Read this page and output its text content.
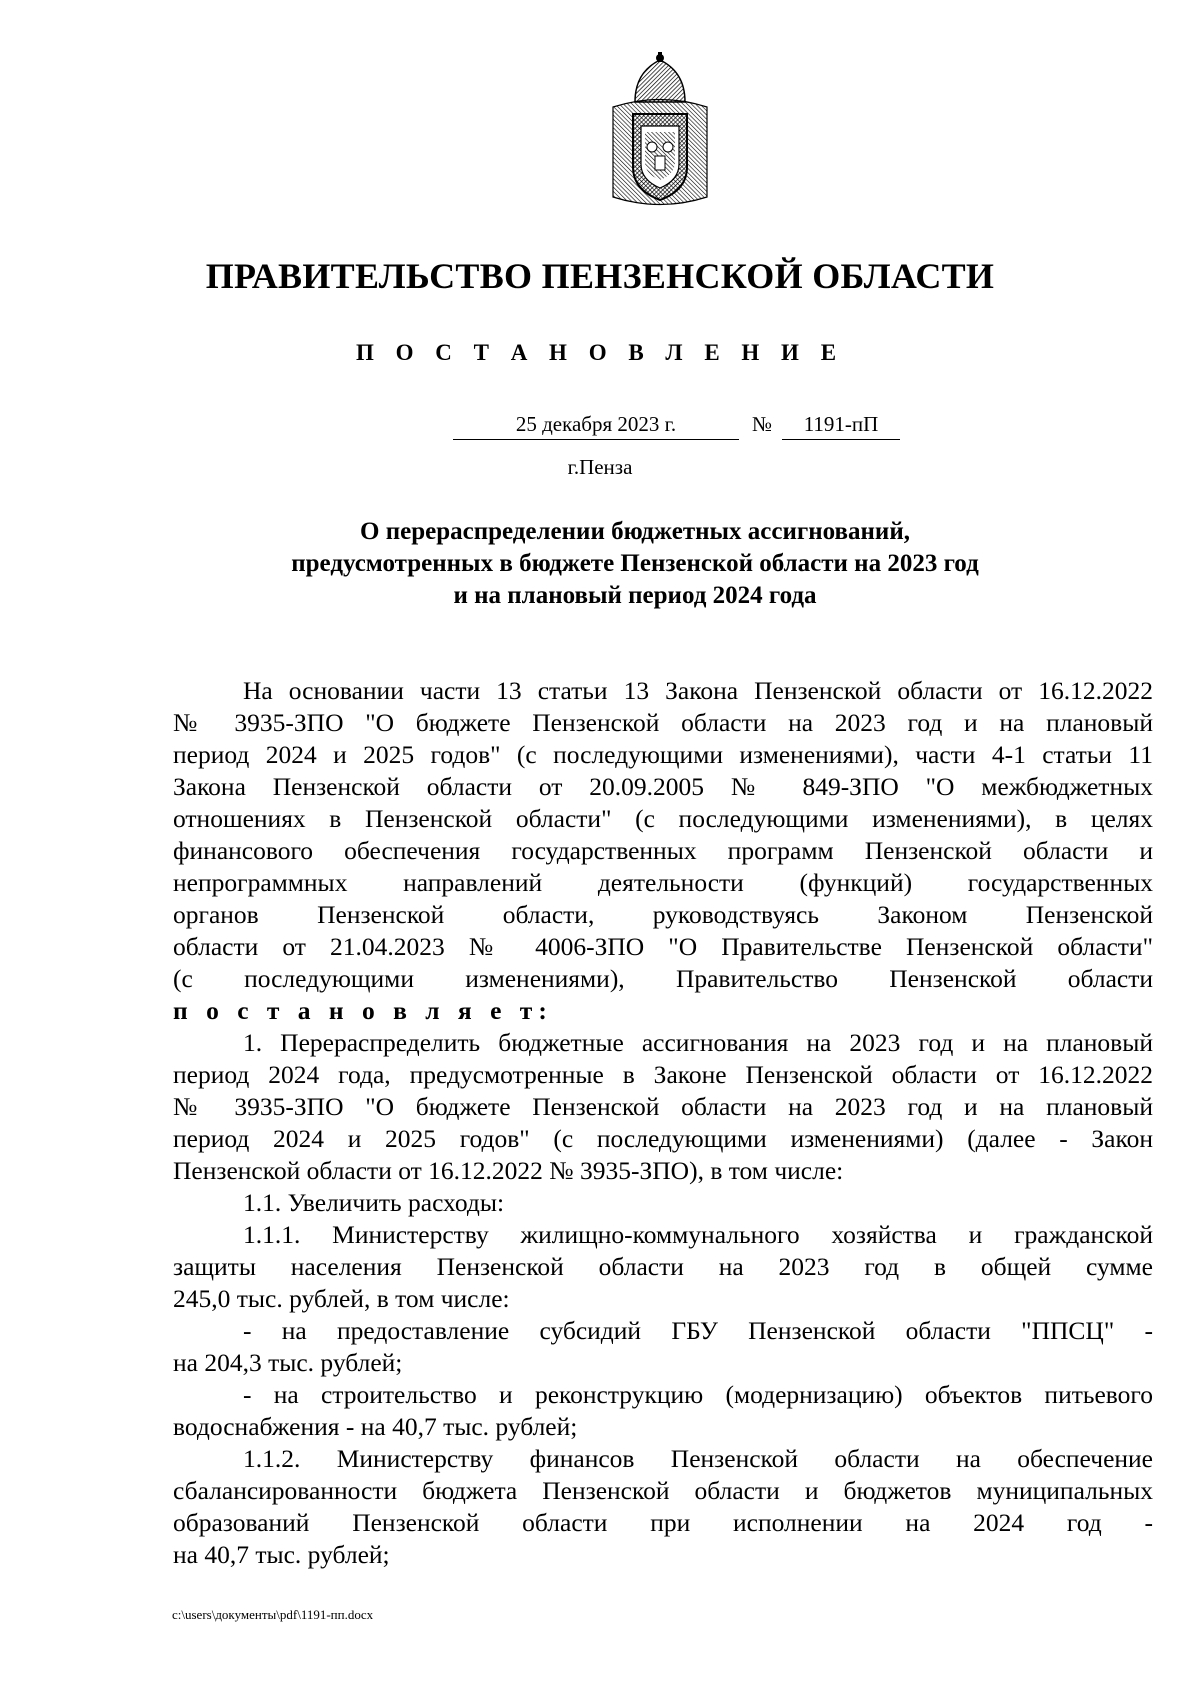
ПРАВИТЕЛЬСТВО ПЕНЗЕНСКОЙ ОБЛАСТИ
П О С Т А Н О В Л Е Н И Е
25 декабря 2023 г.	№	1191-пП
г.Пенза
О перераспределении бюджетных ассигнований,
предусмотренных в бюджете Пензенской области на 2023 год
и на плановый период 2024 года
На основании части 13 статьи 13 Закона Пензенской области от 16.12.2022
№ 3935-ЗПО "О бюджете Пензенской области на 2023 год и на плановый
период 2024 и 2025 годов" (с последующими изменениями), части 4-1 статьи 11
Закона Пензенской области от 20.09.2005 № 849-ЗПО "О межбюджетных
отношениях в Пензенской области" (с последующими изменениями), в целях
финансового обеспечения государственных программ Пензенской области и
непрограммных направлений деятельности (функций) государственных
органов Пензенской области, руководствуясь Законом Пензенской
области от 21.04.2023 № 4006-ЗПО "О Правительстве Пензенской области"
(с последующими изменениями), Правительство Пензенской области
п о с т а н о в л я е т:
1. Перераспределить бюджетные ассигнования на 2023 год и на плановый
период 2024 года, предусмотренные в Законе Пензенской области от 16.12.2022
№ 3935-ЗПО "О бюджете Пензенской области на 2023 год и на плановый
период 2024 и 2025 годов" (с последующими изменениями) (далее - Закон
Пензенской области от 16.12.2022 № 3935-ЗПО), в том числе:
1.1. Увеличить расходы:
1.1.1. Министерству жилищно-коммунального хозяйства и гражданской
защиты населения Пензенской области на 2023 год в общей сумме
245,0 тыс. рублей, в том числе:
- на предоставление субсидий ГБУ Пензенской области "ППСЦ" -
на 204,3 тыс. рублей;
- на строительство и реконструкцию (модернизацию) объектов питьевого
водоснабжения - на 40,7 тыс. рублей;
1.1.2. Министерству финансов Пензенской области на обеспечение
сбалансированности бюджета Пензенской области и бюджетов муниципальных
образований Пензенской области при исполнении на 2024 год -
на 40,7 тыс. рублей;
c:\users\документы\pdf\1191-пп.docx
